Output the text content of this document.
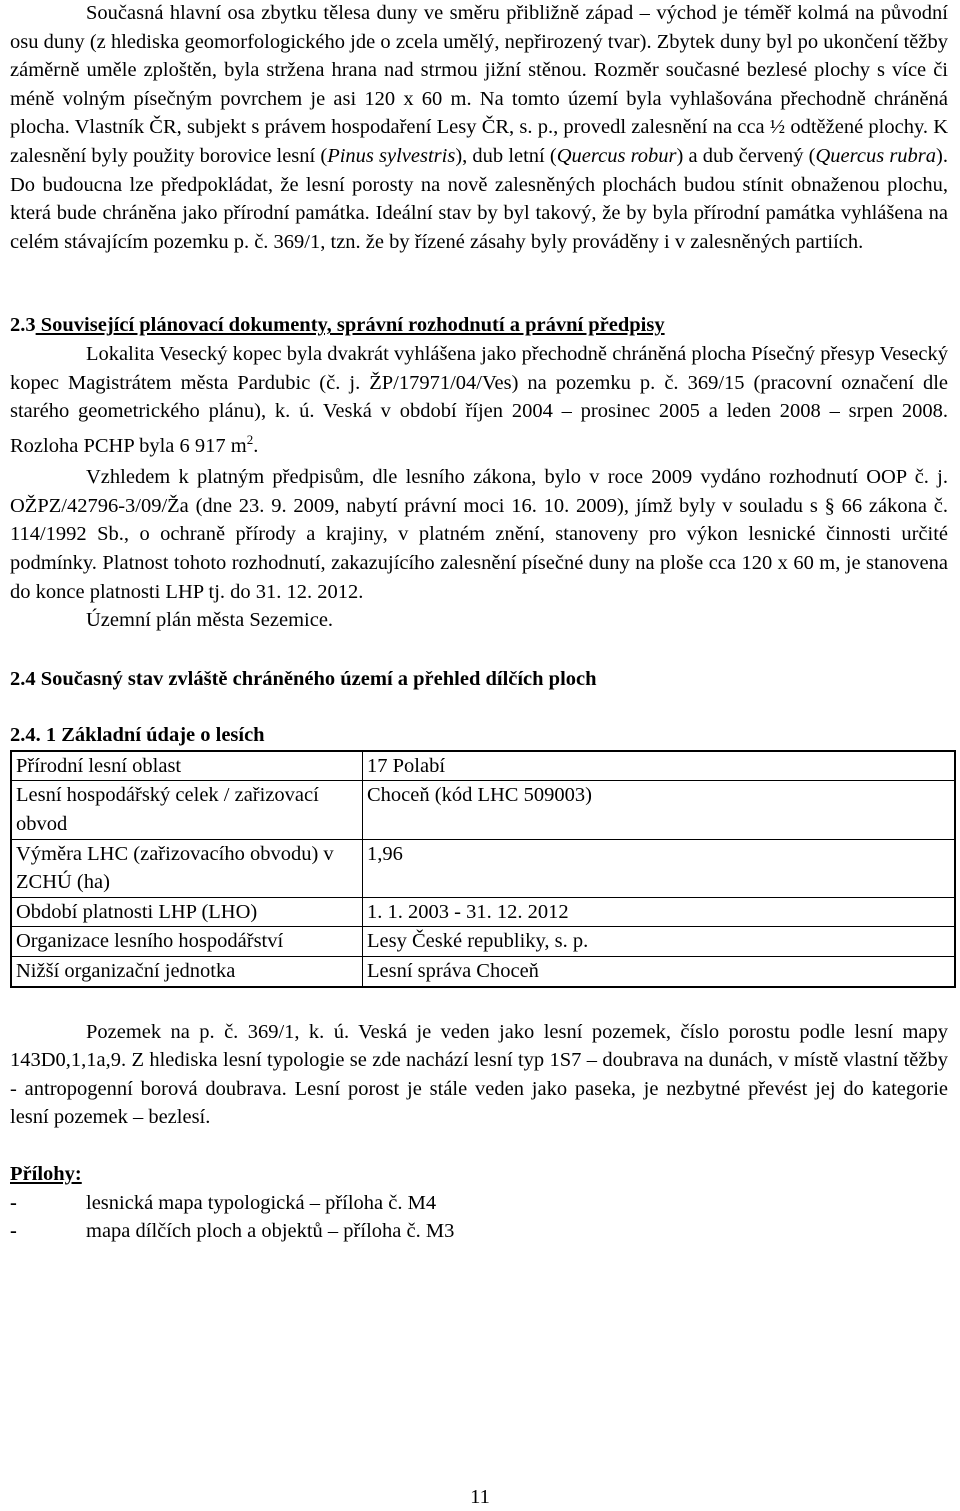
Současná hlavní osa zbytku tělesa duny ve směru přibližně západ – východ je téměř kolmá na původní osu duny (z hlediska geomorfologického jde o zcela umělý, nepřirozený tvar). Zbytek duny byl po ukončení těžby záměrně uměle zploštěn, byla stržena hrana nad strmou jižní stěnou. Rozměr současné bezlesé plochy s více či méně volným písečným povrchem je asi 120 x 60 m. Na tomto území byla vyhlašována přechodně chráněná plocha. Vlastník ČR, subjekt s právem hospodaření Lesy ČR, s. p., provedl zalesnění na cca ½ odtěžené plochy. K zalesnění byly použity borovice lesní (Pinus sylvestris), dub letní (Quercus robur) a dub červený (Quercus rubra). Do budoucna lze předpokládat, že lesní porosty na nově zalesněných plochách budou stínit obnaženou plochu, která bude chráněna jako přírodní památka. Ideální stav by byl takový, že by byla přírodní památka vyhlášena na celém stávajícím pozemku p. č. 369/1, tzn. že by řízené zásahy byly prováděny i v zalesněných partiích.

2.3 Související plánovací dokumenty, správní rozhodnutí a právní předpisy

Lokalita Vesecký kopec byla dvakrát vyhlášena jako přechodně chráněná plocha Písečný přesyp Vesecký kopec Magistrátem města Pardubic (č. j. ŽP/17971/04/Ves) na pozemku p. č. 369/15 (pracovní označení dle starého geometrického plánu), k. ú. Veská v období říjen 2004 – prosinec 2005 a leden 2008 – srpen 2008. Rozloha PCHP byla 6 917 $m^2$.

Vzhledem k platným předpisům, dle lesního zákona, bylo v roce 2009 vydáno rozhodnutí OOP č. j. OŽPZ/42796-3/09/Ža (dne 23. 9. 2009, nabytí právní moci 16. 10. 2009), jímž byly v souladu s § 66 zákona č. 114/1992 Sb., o ochraně přírody a krajiny, v platném znění, stanoveny pro výkon lesnické činnosti určité podmínky. Platnost tohoto rozhodnutí, zakazujícího zalesnění písečné duny na ploše cca 120 x 60 m, je stanovena do konce platnosti LHP tj. do 31. 12. 2012.

Územní plán města Sezemice.

2.4 Současný stav zvláště chráněného území a přehled dílčích ploch
2.4. 1 Základní údaje o lesích
Přírodní lesní oblast	17 Polabí
Lesní hospodářský celek / zařizovací obvod	Choceň (kód LHC 509003)
Výměra LHC (zařizovacího obvodu) v ZCHÚ (ha)	1,96
Období platnosti LHP (LHO)	1. 1. 2003 - 31. 12. 2012
Organizace lesního hospodářství	Lesy České republiky, s. p.
Nižší organizační jednotka	Lesní správa Choceň

Pozemek na p. č. 369/1, k. ú. Veská je veden jako lesní pozemek, číslo porostu podle lesní mapy 143D0,1,1a,9. Z hlediska lesní typologie se zde nachází lesní typ 1S7 – doubrava na dunách, v místě vlastní těžby - antropogenní borová doubrava. Lesní porost je stále veden jako paseka, je nezbytné převést jej do kategorie lesní pozemek – bezlesí.

Přílohy:
-	lesnická mapa typologická – příloha č. M4
-	mapa dílčích ploch a objektů – příloha č. M3
11
